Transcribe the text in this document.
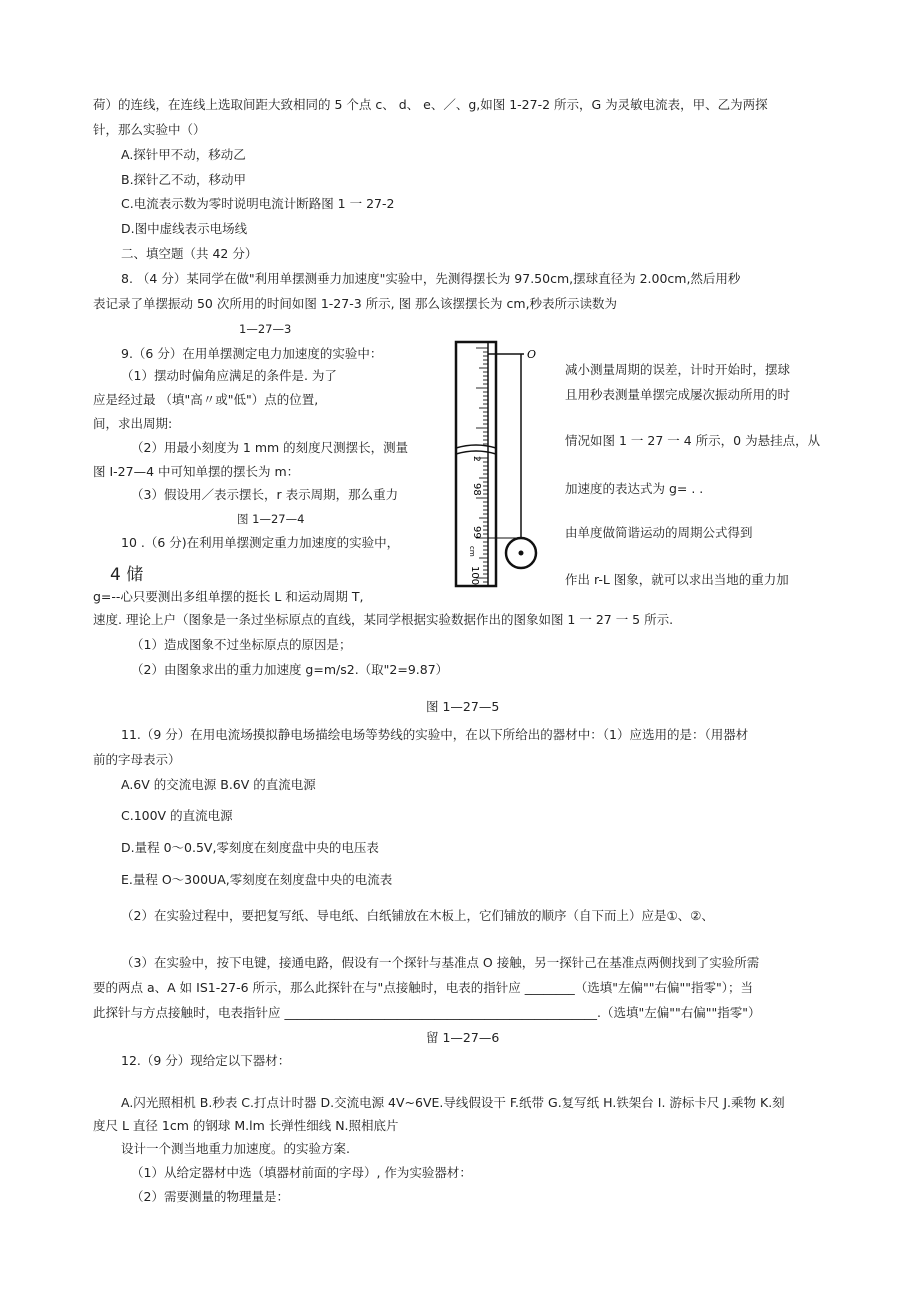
荷）的连线，在连线上选取间距大致相同的 5 个点 c、 d、 e、／、g,如图 1-27-2 所示，G 为灵敏电流表，甲、乙为两探
针，那么实验中（）
A.探针甲不动，移动乙
B.探针乙不动，移动甲
C.电流表示数为零时说明电流计断路图 1 一 27-2
D.图中虚线表示电场线
二、填空题（共 42 分）
8. （4 分）某同学在做"利用单摆测垂力加速度"实验中，先测得摆长为 97.50cm,摆球直径为 2.00cm,然后用秒
表记录了单摆振动 50 次所用的时间如图 1-27-3 所示, 图 那么该摆摆长为 cm,秒表所示读数为
1—27—3
9.（6 分）在用单摆测定电力加速度的实验中：
（1）摆动时偏角应满足的条件是. 为了
应是经过最 （填"高〃或"低"）点的位置,
间，求出周期:
（2）用最小刻度为 1 mm 的刻度尺测摆长，测量
图 I-27—4 中可知单摆的摆长为 m：
（3）假设用／表示摆长，r 表示周期，那么重力
图 1—27—4
10 .（6 分)在利用单摆测定重力加速度的实验中，
4 储
g=--心只要测出多组单摆的挺长 L 和运动周期 T,
减小测量周期的误差，计时开始时，摆球
且用秒表测量单摆完成屡次振动所用的时
情况如图 1 一 27 一 4 所示，0 为悬挂点，从
加速度的表达式为 g= . .
由单度做简谐运动的周期公式得到
作出 r-L 图象，就可以求出当地的重力加
速度. 理论上户（图象是一条过坐标原点的直线，某同学根据实验数据作出的图象如图 1 一 27 一 5 所示.
（1）造成图象不过坐标原点的原因是；
（2）由图象求出的重力加速度 g=m/s2.（取"2=9.87）
图 1—27—5
11.（9 分）在用电流场摸拟静电场描绘电场等势线的实验中，在以下所给出的器材中：（1）应选用的是：（用器材
前的字母表示）
A.6V 的交流电源 B.6V 的直流电源
C.100V 的直流电源
D.量程 0～0.5V,零刻度在刻度盘中央的电压表
E.量程 O～300UA,零刻度在刻度盘中央的电流表
（2）在实验过程中，要把复写纸、导电纸、白纸铺放在木板上，它们铺放的顺序（自下而上）应是①、②、
（3）在实验中，按下电键，接通电路，假设有一个探针与基准点 O 接触，另一探针己在基准点两侧找到了实验所需
要的两点 a、A 如 IS1-27-6 所示，那么此探针在与"点接触时，电表的指针应 ________（选填"左偏""右偏""指零"）；当
此探针与方点接触时，电表指针应 __________________________________________________.（选填"左偏""右偏""指零"）
留 1—27—6
12.（9 分）现给定以下器材：
A.闪光照相机 B.秒表 C.打点计时器 D.交流电源 4V~6VE.导线假设干 F.纸带 G.复写纸 H.铁架台 I. 游标卡尺 J.乘物 K.刻
度尺 L 直径 1cm 的钢球 M.lm 长弹性细线 N.照相底片
设计一个测当地重力加速度。的实验方案.
（1）从给定器材中选（填器材前面的字母）, 作为实验器材：
（2）需要测量的物理量是：
O
2
98
99
cm
100
